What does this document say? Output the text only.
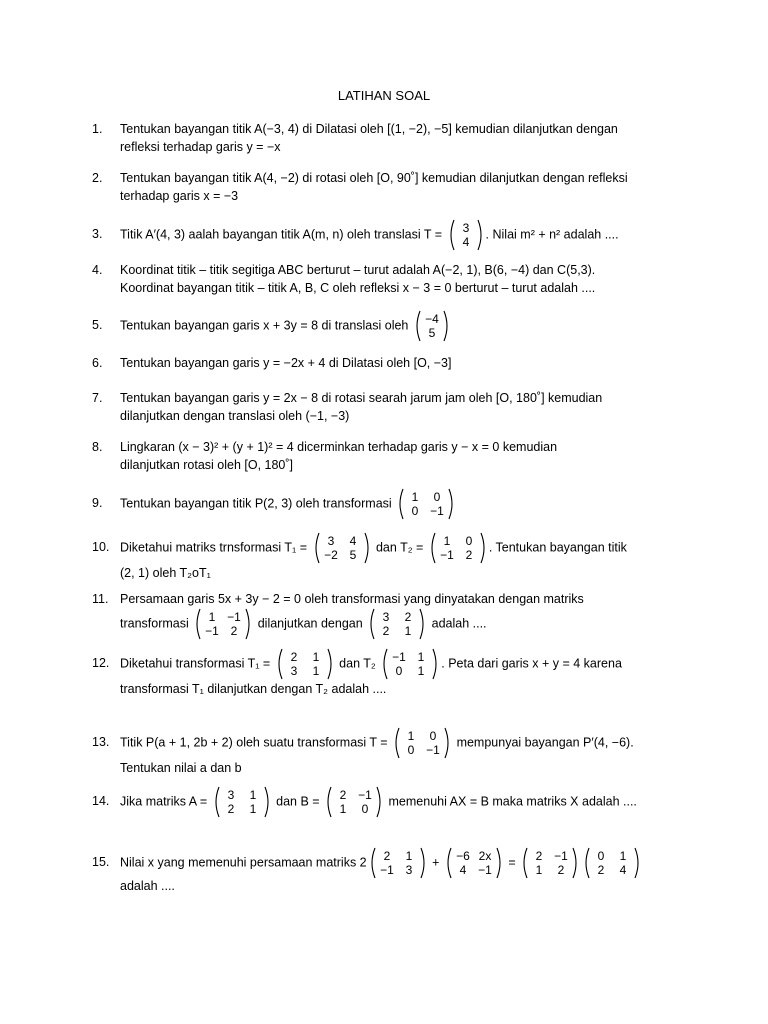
LATIHAN SOAL
1. Tentukan bayangan titik A(−3, 4) di Dilatasi oleh [(1, −2), −5] kemudian dilanjutkan dengan
refleksi terhadap garis y = −x
2. Tentukan bayangan titik A(4, −2) di rotasi oleh [O, 90˚] kemudian dilanjutkan dengan refleksi
terhadap garis x = −3
3. Titik A′(4, 3) aalah bayangan titik A(m, n) oleh translasi T = 3
4
. Nilai m² + n² adalah ....
4. Koordinat titik – titik segitiga ABC berturut – turut adalah A(−2, 1), B(6, −4) dan C(5,3).
Koordinat bayangan titik – titik A, B, C oleh refleksi x − 3 = 0 berturut – turut adalah ....
5. Tentukan bayangan garis x + 3y = 8 di translasi oleh −4
5
6. Tentukan bayangan garis y = −2x + 4 di Dilatasi oleh [O, −3]
7. Tentukan bayangan garis y = 2x − 8 di rotasi searah jarum jam oleh [O, 180˚] kemudian
dilanjutkan dengan translasi oleh (−1, −3)
8. Lingkaran (x − 3)² + (y + 1)² = 4 dicerminkan terhadap garis y − x = 0 kemudian
dilanjutkan rotasi oleh [O, 180˚]
9. Tentukan bayangan titik P(2, 3) oleh transformasi 1 0
0 −1
10. Diketahui matriks trnsformasi T₁ = 3 4
−2 5
dan T₂ = 1 0
−1 2
. Tentukan bayangan titik
(2, 1) oleh T₂oT₁
11. Persamaan garis 5x + 3y − 2 = 0 oleh transformasi yang dinyatakan dengan matriks
transformasi 1 −1
−1 2
dilanjutkan dengan 3 2
2 1
adalah ....
12. Diketahui transformasi T₁ = 2 1
3 1
dan T₂ −1 1
0 1
. Peta dari garis x + y = 4 karena
transformasi T₁ dilanjutkan dengan T₂ adalah ....
13. Titik P(a + 1, 2b + 2) oleh suatu transformasi T = 1 0
0 −1
mempunyai bayangan P′(4, −6).
Tentukan nilai a dan b
14. Jika matriks A = 3 1
2 1
dan B = 2 −1
1 0
memenuhi AX = B maka matriks X adalah ....
15. Nilai x yang memenuhi persamaan matriks 2 2 1
−1 3
+ −6 2x
4 −1
= 2 −1
1 2
0 1
2 4
adalah ....
